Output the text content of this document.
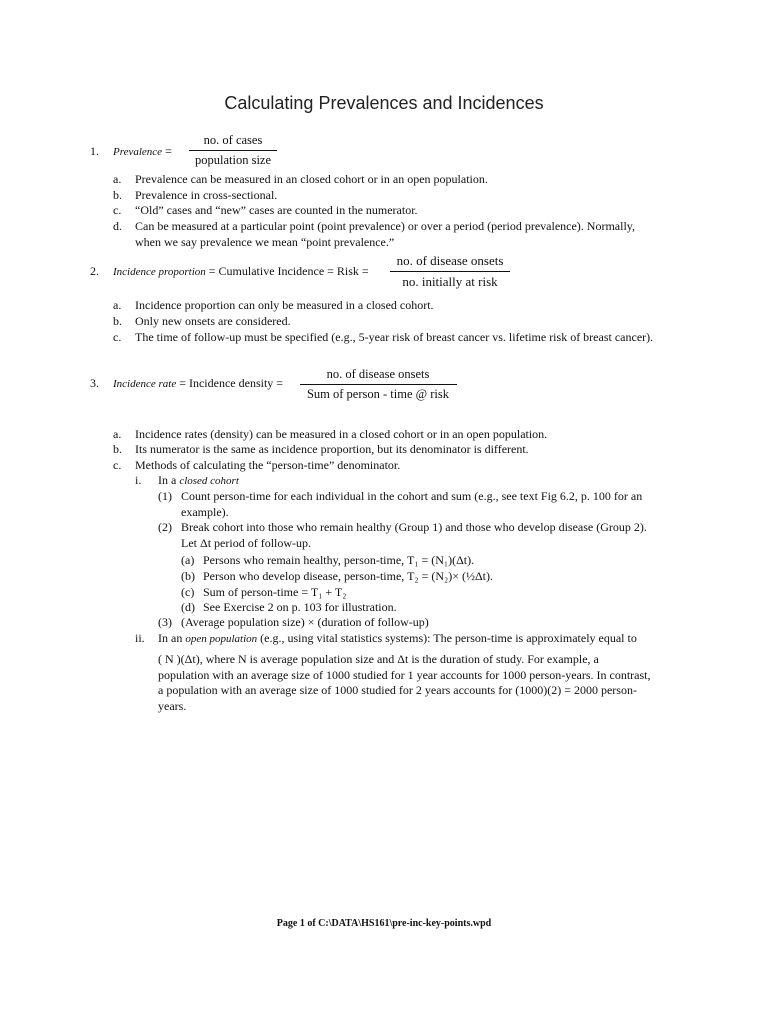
Calculating Prevalences and Incidences
1. Prevalence =
no. of cases
population size
a. Prevalence can be measured in an closed cohort or in an open population.
b. Prevalence in cross-sectional.
c. “Old” cases and “new” cases are counted in the numerator.
d. Can be measured at a particular point (point prevalence) or over a period (period prevalence). Normally,
when we say prevalence we mean “point prevalence.”
2. Incidence proportion = Cumulative Incidence = Risk =
no. of disease onsets
no. initially at risk
a. Incidence proportion can only be measured in a closed cohort.
b. Only new onsets are considered.
c. The time of follow-up must be specified (e.g., 5-year risk of breast cancer vs. lifetime risk of breast cancer).
3. Incidence rate = Incidence density =
no. of disease onsets
Sum of person - time @ risk
a. Incidence rates (density) can be measured in a closed cohort or in an open population.
b. Its numerator is the same as incidence proportion, but its denominator is different.
c. Methods of calculating the “person-time” denominator.
i. In a closed cohort
(1) Count person-time for each individual in the cohort and sum (e.g., see text Fig 6.2, p. 100 for an
example).
(2) Break cohort into those who remain healthy (Group 1) and those who develop disease (Group 2).
Let Δt period of follow-up.
(a) Persons who remain healthy, person-time, T₁ = (N₁)(Δt).
(b) Person who develop disease, person-time, T₂ = (N₂)× (½Δt).
(c) Sum of person-time = T₁ + T₂
(d) See Exercise 2 on p. 103 for illustration.
(3) (Average population size) × (duration of follow-up)
ii. In an open population (e.g., using vital statistics systems): The person-time is approximately equal to
( N )(Δt), where N is average population size and Δt is the duration of study. For example, a
population with an average size of 1000 studied for 1 year accounts for 1000 person-years. In contrast,
a population with an average size of 1000 studied for 2 years accounts for (1000)(2) = 2000 person-
years.
Page 1 of C:\DATA\HS161\pre-inc-key-points.wpd
